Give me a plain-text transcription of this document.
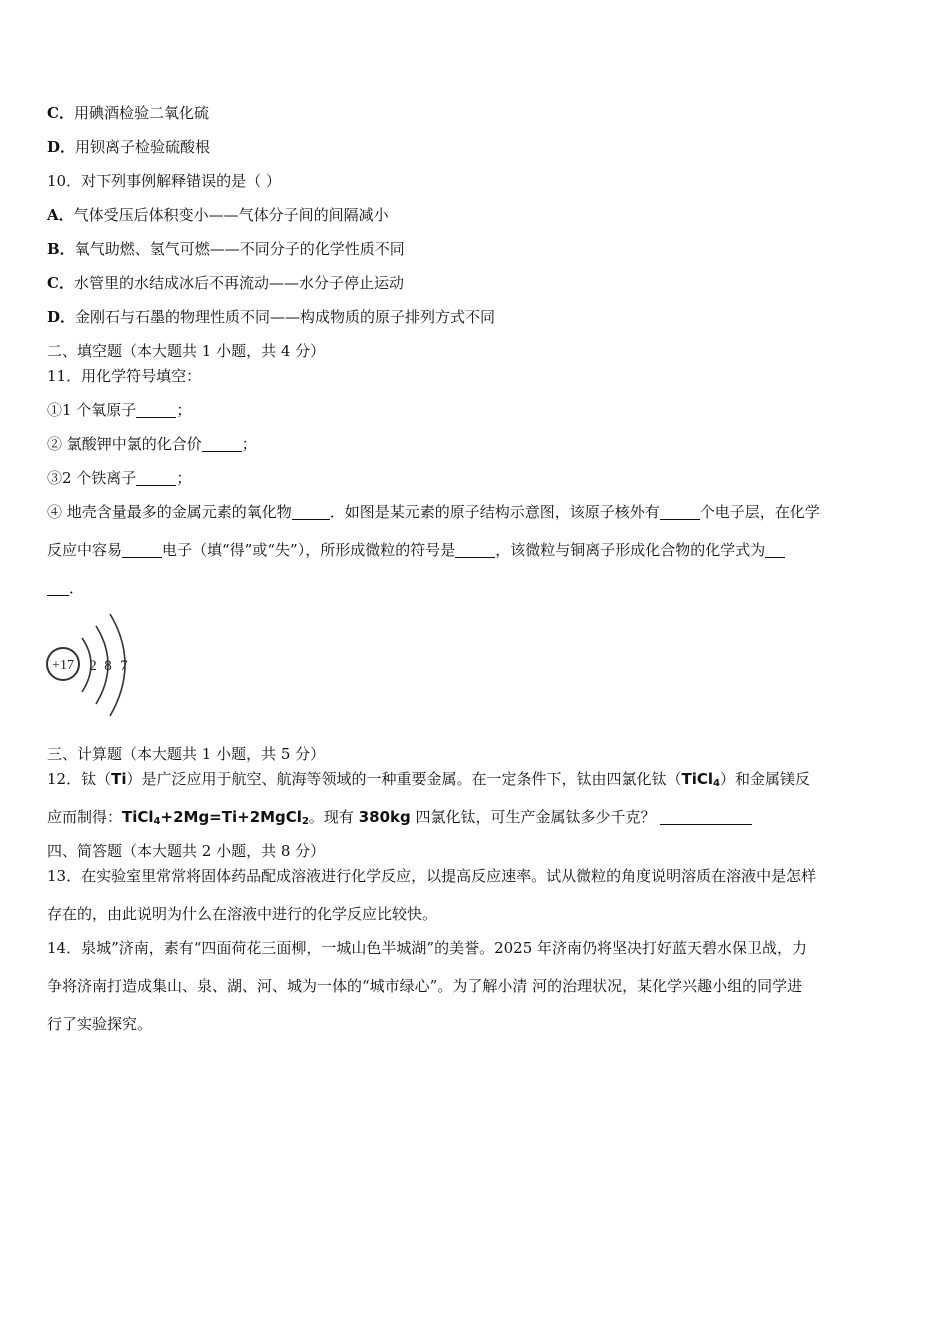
C．用碘酒检验二氧化硫
D．用钡离子检验硫酸根
10．对下列事例解释错误的是（ ）
A．气体受压后体积变小——气体分子间的间隔减小
B．氧气助燃、氢气可燃——不同分子的化学性质不同
C．水管里的水结成冰后不再流动——水分子停止运动
D．金刚石与石墨的物理性质不同——构成物质的原子排列方式不同
二、填空题（本大题共 1 小题，共 4 分）
11．用化学符号填空：
①1 个氧原子	；
② 氯酸钾中氯的化合价	；
③2 个铁离子	；
④ 地壳含量最多的金属元素的氧化物	．如图是某元素的原子结构示意图，该原子核外有	个电子层，在化学
反应中容易	电子（填“得”或“失”），所形成微粒的符号是	，该微粒与铜离子形成化合物的化学式为
．
+17 2 8 7
三、计算题（本大题共 1 小题，共 5 分）
12．钛（Ti）是广泛应用于航空、航海等领域的一种重要金属。在一定条件下，钛由四氯化钛（TiCl$_4$）和金属镁反
应而制得：TiCl$_4$+2Mg=Ti+2MgCl$_2$。现有 380kg 四氯化钛，可生产金属钛多少千克？
四、简答题（本大题共 2 小题，共 8 分）
13．在实验室里常常将固体药品配成溶液进行化学反应，以提高反应速率。试从微粒的角度说明溶质在溶液中是怎样
存在的，由此说明为什么在溶液中进行的化学反应比较快。
14．泉城”济南，素有“四面荷花三面柳，一城山色半城湖”的美誉。2025 年济南仍将坚决打好蓝天碧水保卫战，力
争将济南打造成集山、泉、湖、河、城为一体的“城市绿心”。为了解小清 河的治理状况，某化学兴趣小组的同学进
行了实验探究。
